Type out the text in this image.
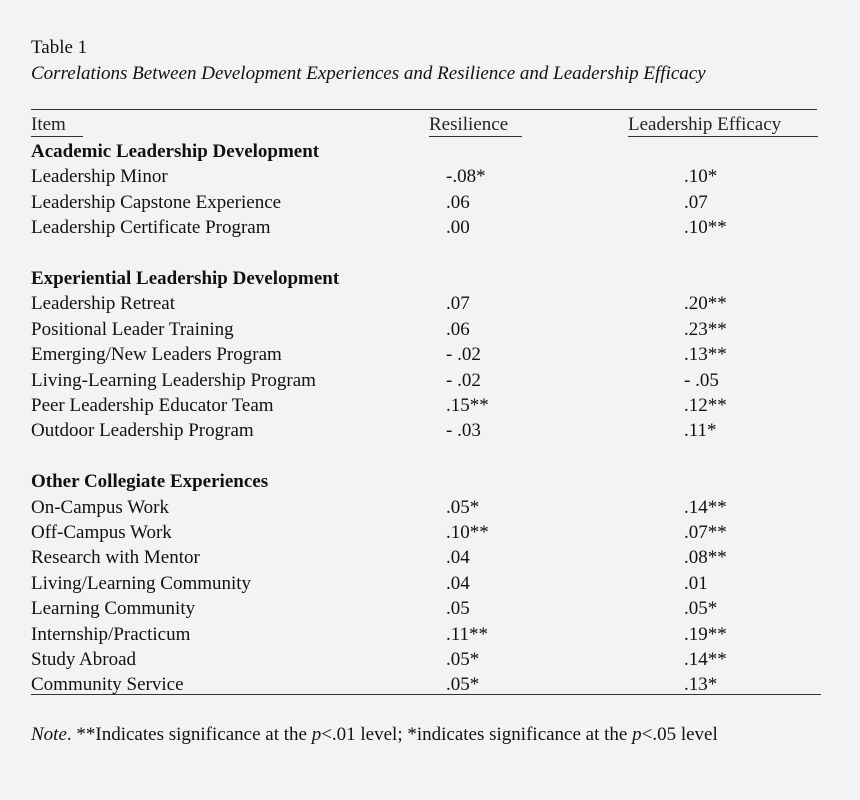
Table 1
Correlations Between Development Experiences and Resilience and Leadership Efficacy
Item	Resilience	Leadership Efficacy
Academic Leadership Development
Leadership Minor	-.08*	.10*
Leadership Capstone Experience	.06	.07
Leadership Certificate Program	.00	.10**
Experiential Leadership Development
Leadership Retreat	.07	.20**
Positional Leader Training	.06	.23**
Emerging/New Leaders Program	- .02	.13**
Living-Learning Leadership Program	- .02	- .05
Peer Leadership Educator Team	.15**	.12**
Outdoor Leadership Program	- .03	.11*
Other Collegiate Experiences
On-Campus Work	.05*	.14**
Off-Campus Work	.10**	.07**
Research with Mentor	.04	.08**
Living/Learning Community	.04	.01
Learning Community	.05	.05*
Internship/Practicum	.11**	.19**
Study Abroad	.05*	.14**
Community Service	.05*	.13*
Note. **Indicates significance at the p<.01 level; *indicates significance at the p<.05 level
